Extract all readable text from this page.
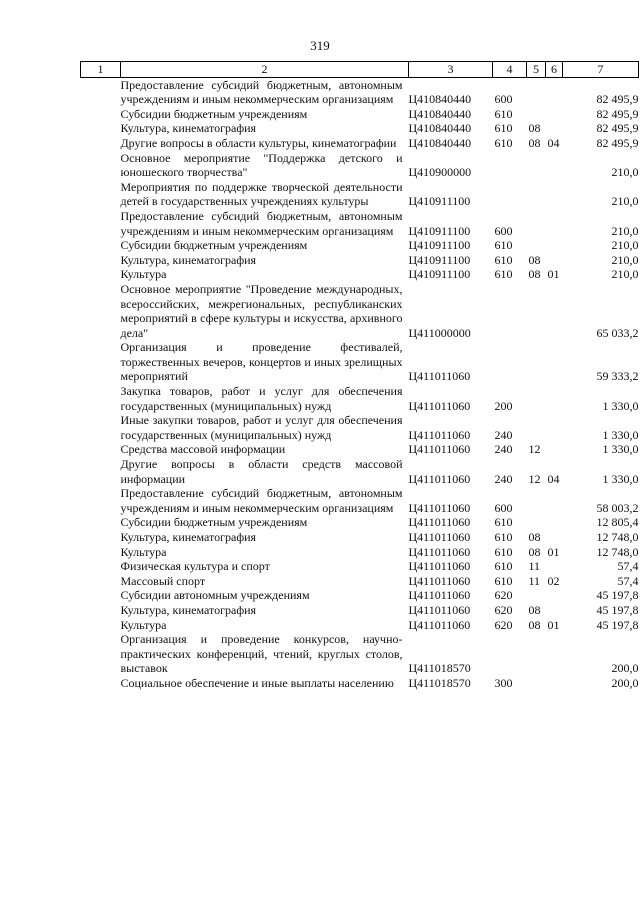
319
1	2	3	4	5	6	7
	Предоставление субсидий бюджетным, автономным учреждениям и иным некоммерческим организациям	Ц410840440	600			82 495,9
	Субсидии бюджетным учреждениям	Ц410840440	610			82 495,9
	Культура, кинематография	Ц410840440	610	08		82 495,9
	Другие вопросы в области культуры, кинематографии	Ц410840440	610	08	04	82 495,9
	Основное мероприятие "Поддержка детского и юношеского творчества"	Ц410900000				210,0
	Мероприятия по поддержке творческой деятельности детей в государственных учреждениях культуры	Ц410911100				210,0
	Предоставление субсидий бюджетным, автономным учреждениям и иным некоммерческим организациям	Ц410911100	600			210,0
	Субсидии бюджетным учреждениям	Ц410911100	610			210,0
	Культура, кинематография	Ц410911100	610	08		210,0
	Культура	Ц410911100	610	08	01	210,0
	Основное мероприятие "Проведение международных, всероссийских, межрегиональных, республиканских мероприятий в сфере культуры и искусства, архивного дела"	Ц411000000				65 033,2
	Организация и проведение фестивалей, торжественных вечеров, концертов и иных зрелищных мероприятий	Ц411011060				59 333,2
	Закупка товаров, работ и услуг для обеспечения государственных (муниципальных) нужд	Ц411011060	200			1 330,0
	Иные закупки товаров, работ и услуг для обеспечения государственных (муниципальных) нужд	Ц411011060	240			1 330,0
	Средства массовой информации	Ц411011060	240	12		1 330,0
	Другие вопросы в области средств массовой информации	Ц411011060	240	12	04	1 330,0
	Предоставление субсидий бюджетным, автономным учреждениям и иным некоммерческим организациям	Ц411011060	600			58 003,2
	Субсидии бюджетным учреждениям	Ц411011060	610			12 805,4
	Культура, кинематография	Ц411011060	610	08		12 748,0
	Культура	Ц411011060	610	08	01	12 748,0
	Физическая культура и спорт	Ц411011060	610	11		57,4
	Массовый спорт	Ц411011060	610	11	02	57,4
	Субсидии автономным учреждениям	Ц411011060	620			45 197,8
	Культура, кинематография	Ц411011060	620	08		45 197,8
	Культура	Ц411011060	620	08	01	45 197,8
	Организация и проведение конкурсов, научно-практических конференций, чтений, круглых столов, выставок	Ц411018570				200,0
	Социальное обеспечение и иные выплаты населению	Ц411018570	300			200,0
